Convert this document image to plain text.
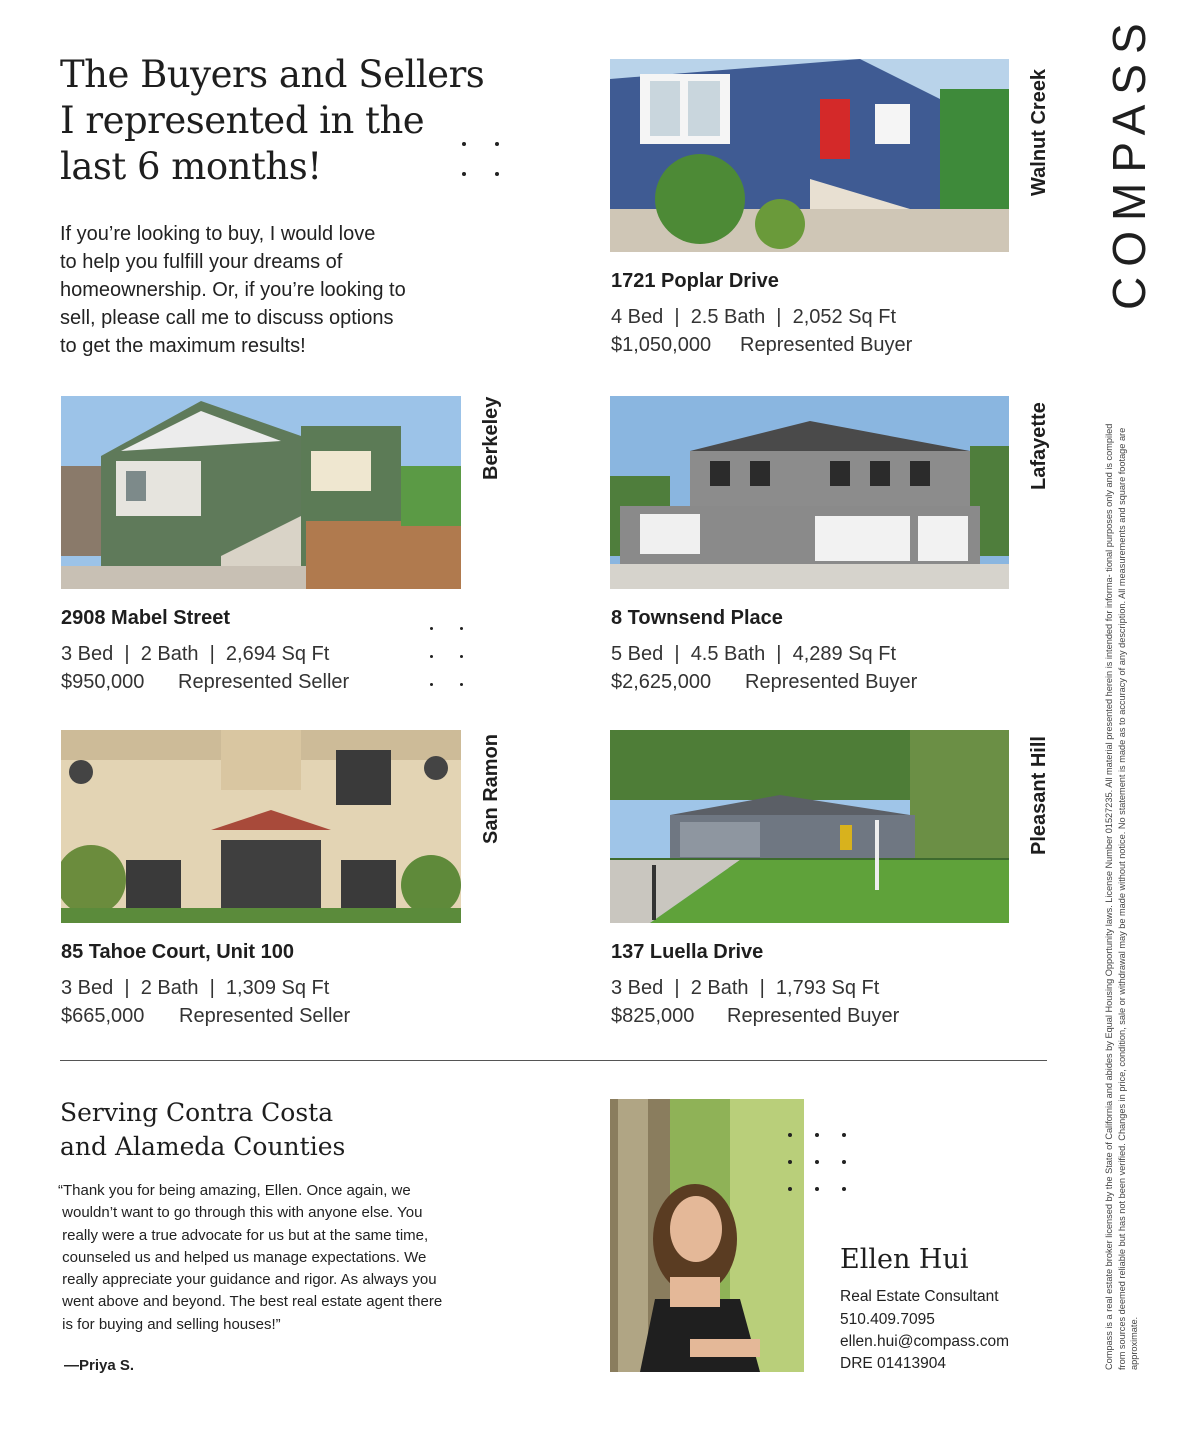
The Buyers and Sellers
I represented in the
last 6 months!
If you’re looking to buy, I would love
to help you fulfill your dreams of
homeownership. Or, if you’re looking to
sell, please call me to discuss options
to get the maximum results!
Walnut Creek
1721 Poplar Drive
4 Bed  |  2.5 Bath  |  2,052 Sq Ft
$1,050,000 Represented Buyer
Berkeley
2908 Mabel Street
3 Bed  |  2 Bath  |  2,694 Sq Ft
$950,000 Represented Seller
Lafayette
8 Townsend Place
5 Bed  |  4.5 Bath  |  4,289 Sq Ft
$2,625,000 Represented Buyer
San Ramon
85 Tahoe Court, Unit 100
3 Bed  |  2 Bath  |  1,309 Sq Ft
$665,000 Represented Seller
Pleasant Hill
137 Luella Drive
3 Bed  |  2 Bath  |  1,793 Sq Ft
$825,000 Represented Buyer
COMPASS
Compass is a real estate broker licensed by the State of California and abides by Equal Housing Opportunity laws. License Number 01527235. All material presented herein is intended for informa- tional purposes only and is compiled from sources deemed reliable but has not been verified. Changes in price, condition, sale or withdrawal may be made without notice. No statement is made as to accuracy of any description. All measurements and square footage are approximate.
Serving Contra Costa
and Alameda Counties
“Thank you for being amazing, Ellen. Once again, we
wouldn’t want to go through this with anyone else. You
really were a true advocate for us but at the same time,
counseled us and helped us manage expectations. We
really appreciate your guidance and rigor. As always you
went above and beyond. The best real estate agent there
is for buying and selling houses!”
—Priya S.
Ellen Hui
Real Estate Consultant
510.409.7095
ellen.hui@compass.com
DRE 01413904
